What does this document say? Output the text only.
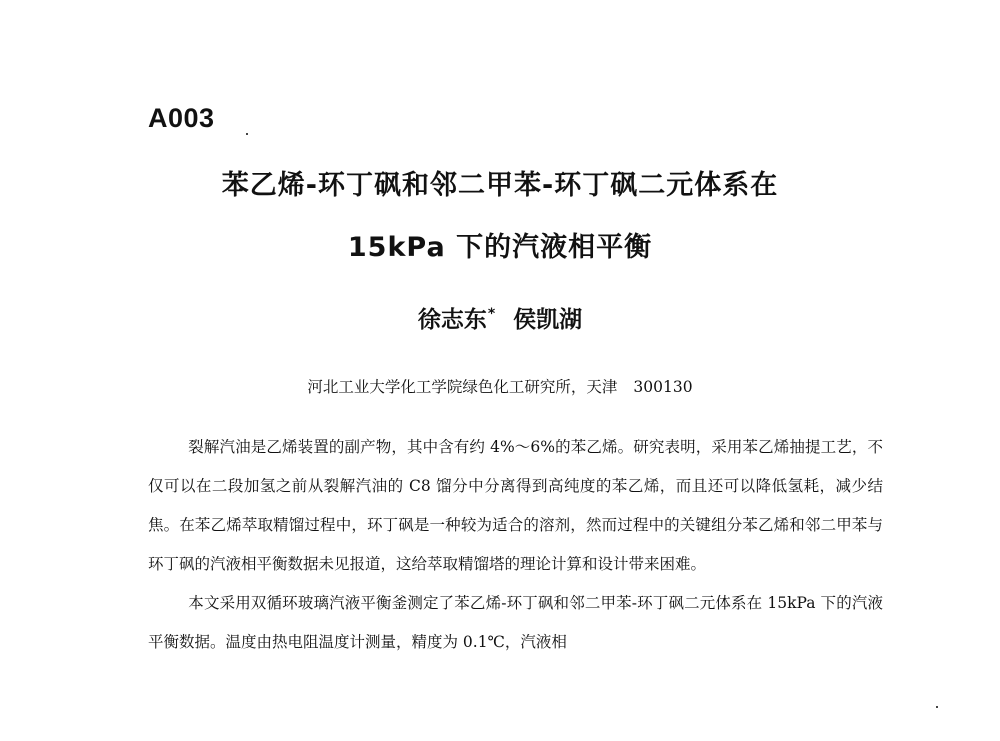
A003
苯乙烯-环丁砜和邻二甲苯-环丁砜二元体系在
15kPa 下的汽液相平衡
徐志东* 侯凯湖
河北工业大学化工学院绿色化工研究所，天津 300130

裂解汽油是乙烯装置的副产物，其中含有约 4%～6%的苯乙烯。研究表明，采用苯乙烯抽提工艺，不仅可以在二段加氢之前从裂解汽油的 C8 馏分中分离得到高纯度的苯乙烯，而且还可以降低氢耗，减少结焦。在苯乙烯萃取精馏过程中，环丁砜是一种较为适合的溶剂，然而过程中的关键组分苯乙烯和邻二甲苯与环丁砜的汽液相平衡数据未见报道，这给萃取精馏塔的理论计算和设计带来困难。

本文采用双循环玻璃汽液平衡釜测定了苯乙烯-环丁砜和邻二甲苯-环丁砜二元体系在 15kPa 下的汽液平衡数据。温度由热电阻温度计测量，精度为 0.1℃，汽液相
